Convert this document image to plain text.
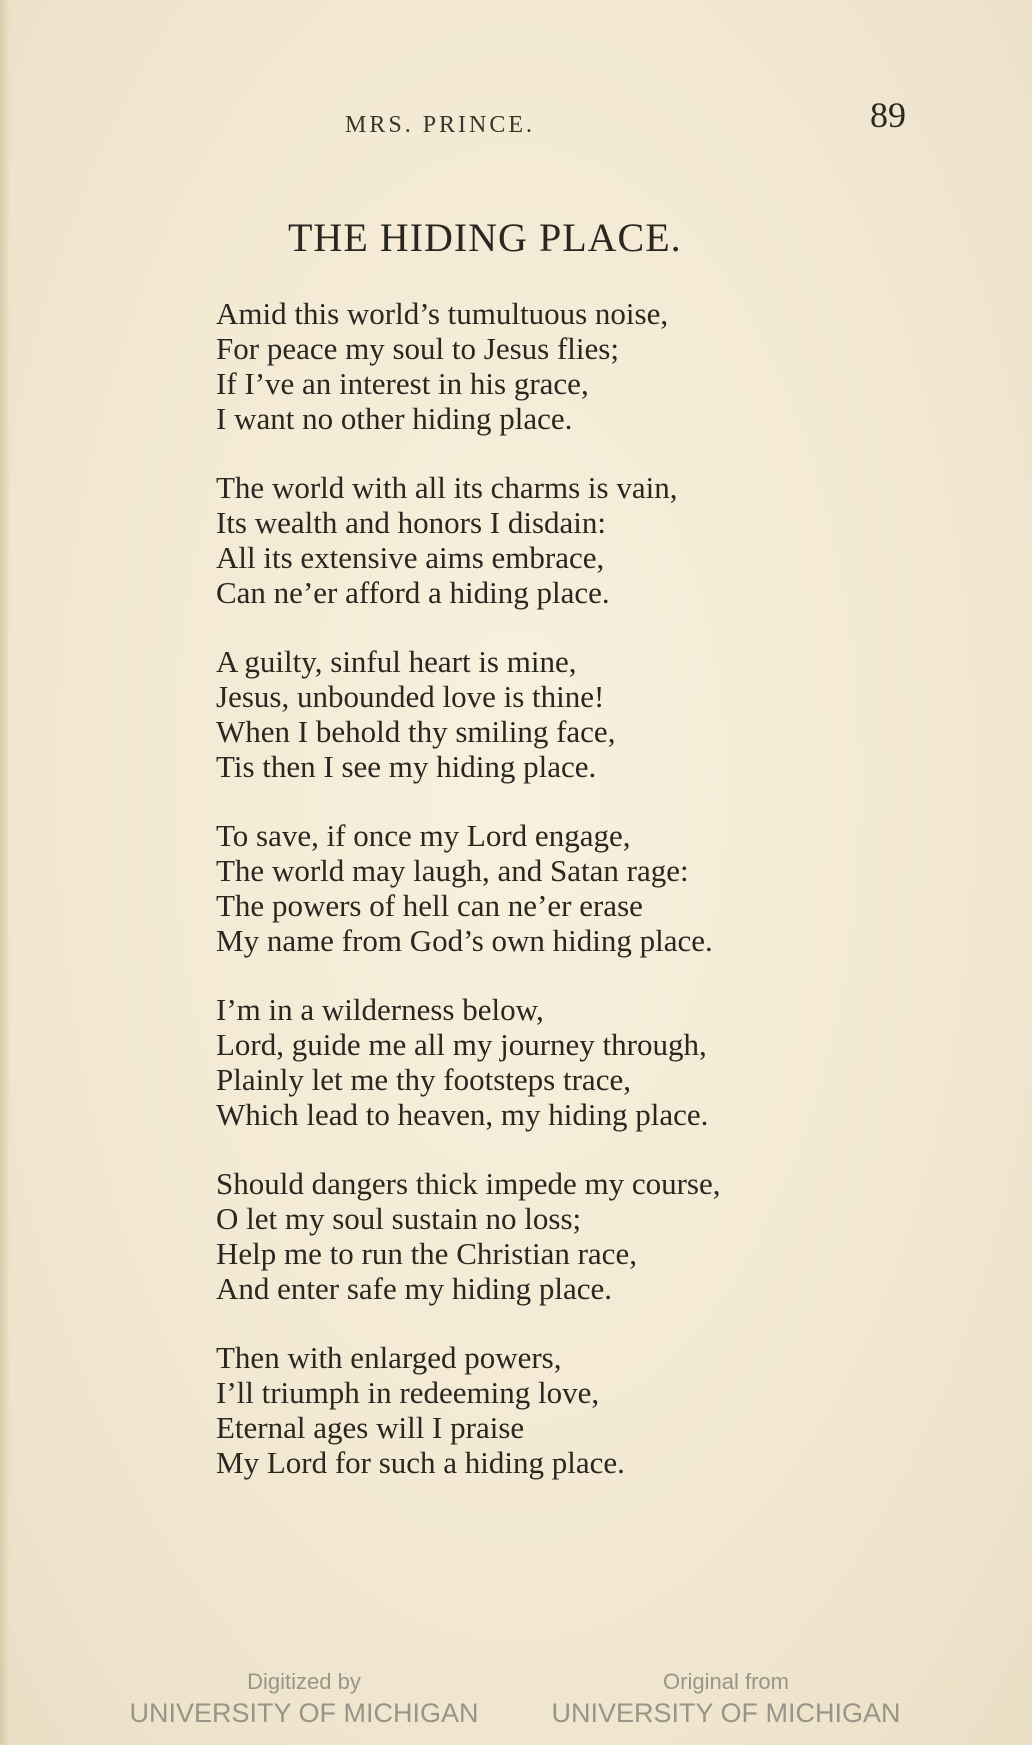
MRS. PRINCE.	89
THE HIDING PLACE.
Amid this world’s tumultuous noise,
For peace my soul to Jesus flies;
If I’ve an interest in his grace,
I want no other hiding place.
The world with all its charms is vain,
Its wealth and honors I disdain:
All its extensive aims embrace,
Can ne’er afford a hiding place.
A guilty, sinful heart is mine,
Jesus, unbounded love is thine!
When I behold thy smiling face,
Tis then I see my hiding place.
To save, if once my Lord engage,
The world may laugh, and Satan rage:
The powers of hell can ne’er erase
My name from God’s own hiding place.
I’m in a wilderness below,
Lord, guide me all my journey through,
Plainly let me thy footsteps trace,
Which lead to heaven, my hiding place.
Should dangers thick impede my course,
O let my soul sustain no loss;
Help me to run the Christian race,
And enter safe my hiding place.
Then with enlarged powers,
I’ll triumph in redeeming love,
Eternal ages will I praise
My Lord for such a hiding place.
Digitized by
UNIVERSITY OF MICHIGAN
Original from
UNIVERSITY OF MICHIGAN
